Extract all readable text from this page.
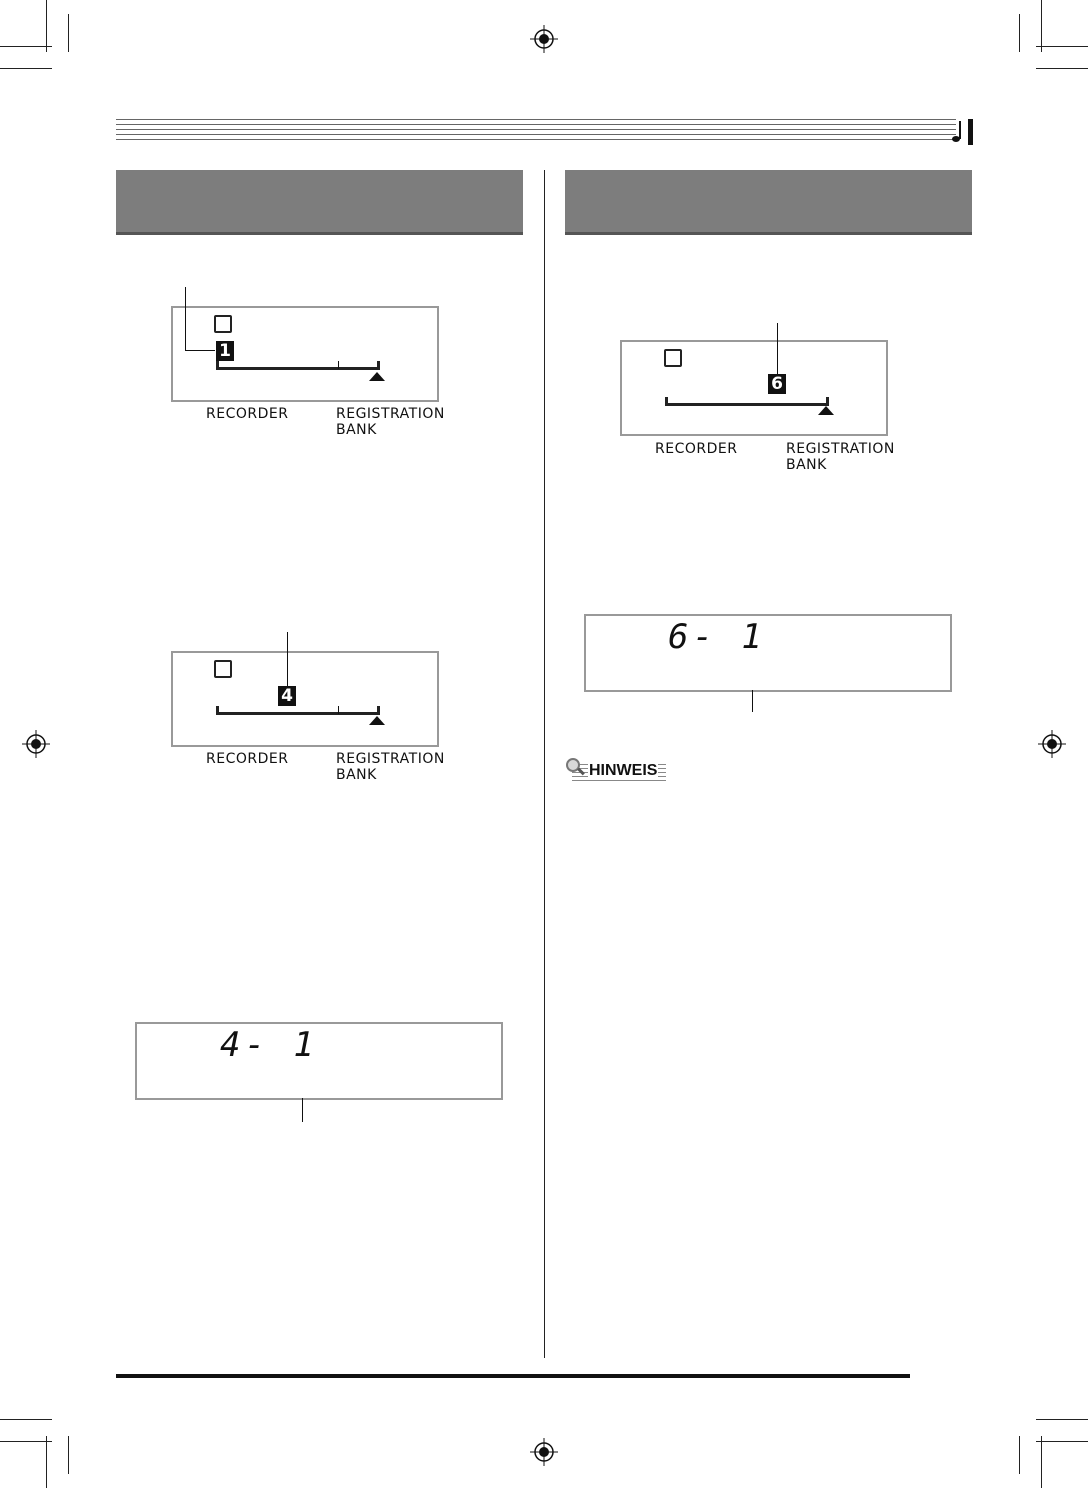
1
RECORDER	REGISTRATION
BANK
4
RECORDER	REGISTRATION
BANK
4- 1
6
RECORDER	REGISTRATION
BANK
6- 1
HINWEIS
